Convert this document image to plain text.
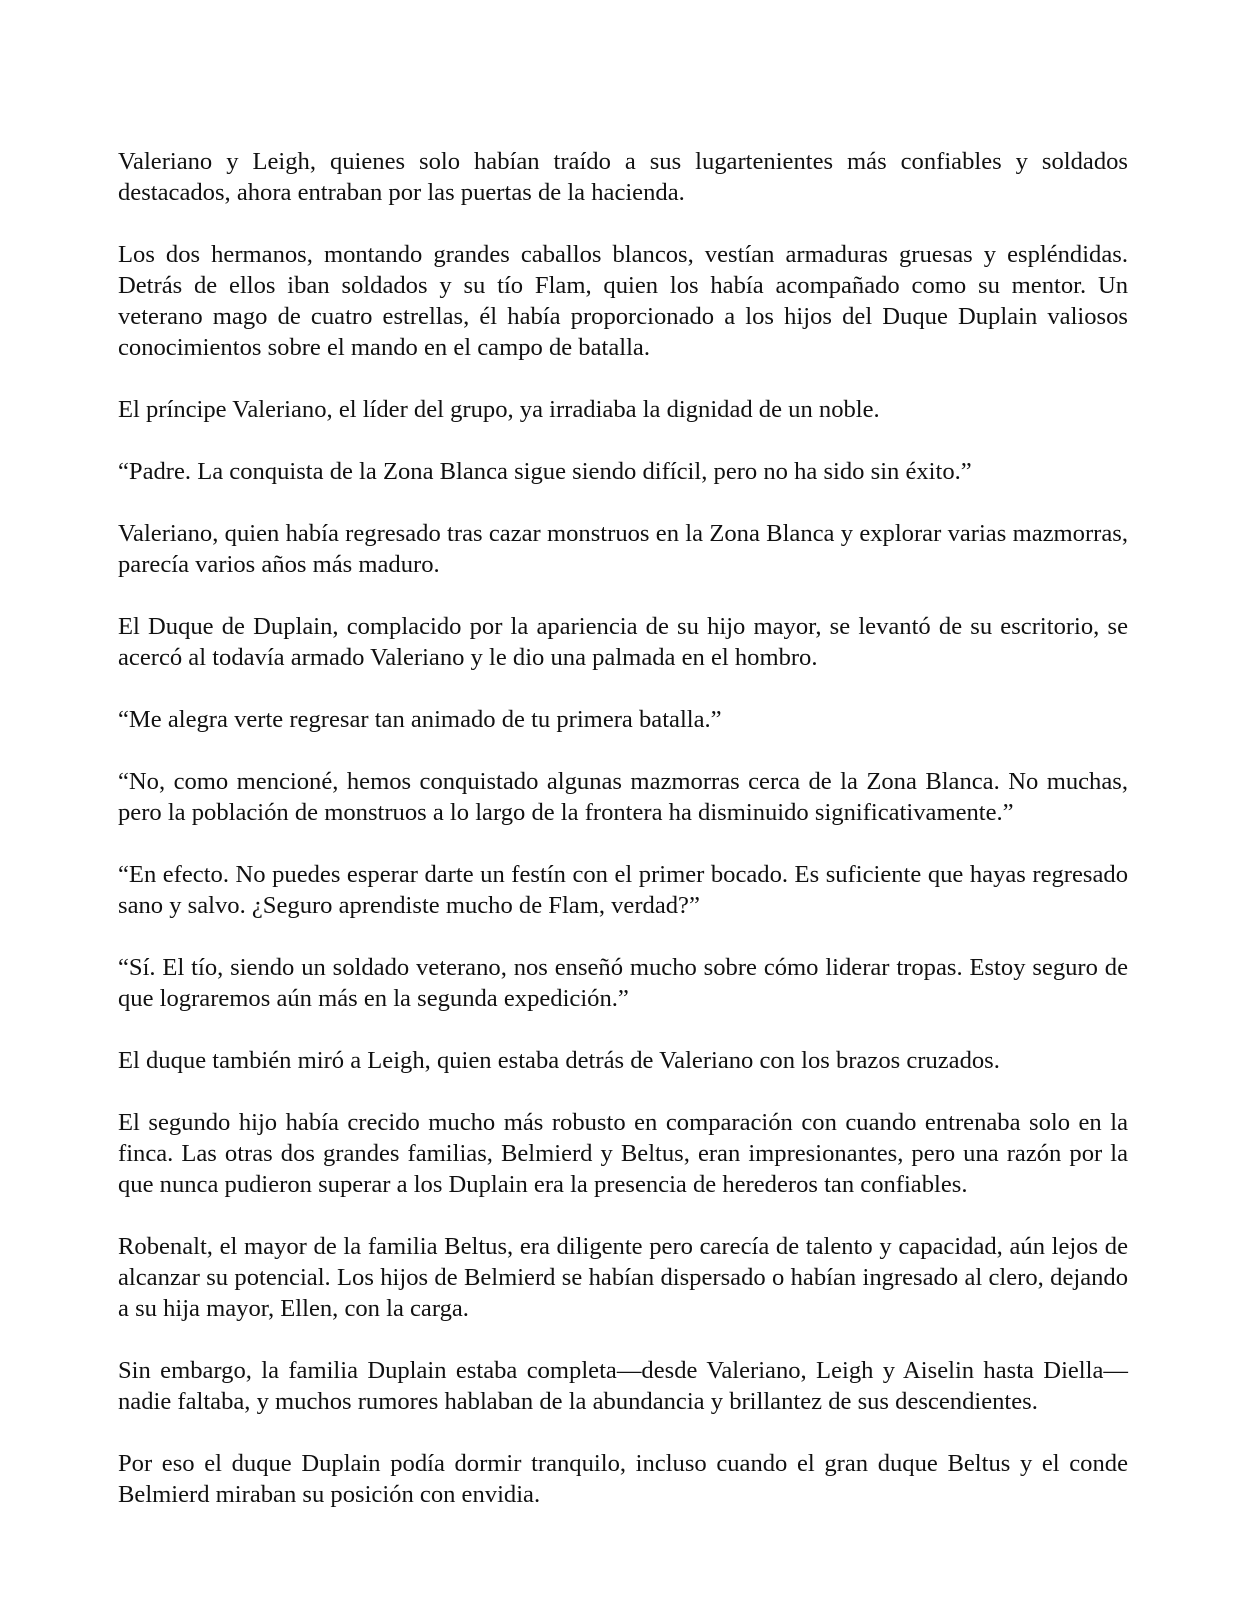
Valeriano y Leigh, quienes solo habían traído a sus lugartenientes más confiables y soldados destacados, ahora entraban por las puertas de la hacienda.

Los dos hermanos, montando grandes caballos blancos, vestían armaduras gruesas y espléndidas. Detrás de ellos iban soldados y su tío Flam, quien los había acompañado como su mentor. Un veterano mago de cuatro estrellas, él había proporcionado a los hijos del Duque Duplain valiosos conocimientos sobre el mando en el campo de batalla.

El príncipe Valeriano, el líder del grupo, ya irradiaba la dignidad de un noble.

“Padre. La conquista de la Zona Blanca sigue siendo difícil, pero no ha sido sin éxito.”

Valeriano, quien había regresado tras cazar monstruos en la Zona Blanca y explorar varias mazmorras, parecía varios años más maduro.

El Duque de Duplain, complacido por la apariencia de su hijo mayor, se levantó de su escritorio, se acercó al todavía armado Valeriano y le dio una palmada en el hombro.

“Me alegra verte regresar tan animado de tu primera batalla.”

“No, como mencioné, hemos conquistado algunas mazmorras cerca de la Zona Blanca. No muchas, pero la población de monstruos a lo largo de la frontera ha disminuido significativamente.”

“En efecto. No puedes esperar darte un festín con el primer bocado. Es suficiente que hayas regresado sano y salvo. ¿Seguro aprendiste mucho de Flam, verdad?”

“Sí. El tío, siendo un soldado veterano, nos enseñó mucho sobre cómo liderar tropas. Estoy seguro de que lograremos aún más en la segunda expedición.”

El duque también miró a Leigh, quien estaba detrás de Valeriano con los brazos cruzados.

El segundo hijo había crecido mucho más robusto en comparación con cuando entrenaba solo en la finca. Las otras dos grandes familias, Belmierd y Beltus, eran impresionantes, pero una razón por la que nunca pudieron superar a los Duplain era la presencia de herederos tan confiables.

Robenalt, el mayor de la familia Beltus, era diligente pero carecía de talento y capacidad, aún lejos de alcanzar su potencial. Los hijos de Belmierd se habían dispersado o habían ingresado al clero, dejando a su hija mayor, Ellen, con la carga.

Sin embargo, la familia Duplain estaba completa—desde Valeriano, Leigh y Aiselin hasta Diella—nadie faltaba, y muchos rumores hablaban de la abundancia y brillantez de sus descendientes.

Por eso el duque Duplain podía dormir tranquilo, incluso cuando el gran duque Beltus y el conde Belmierd miraban su posición con envidia.
